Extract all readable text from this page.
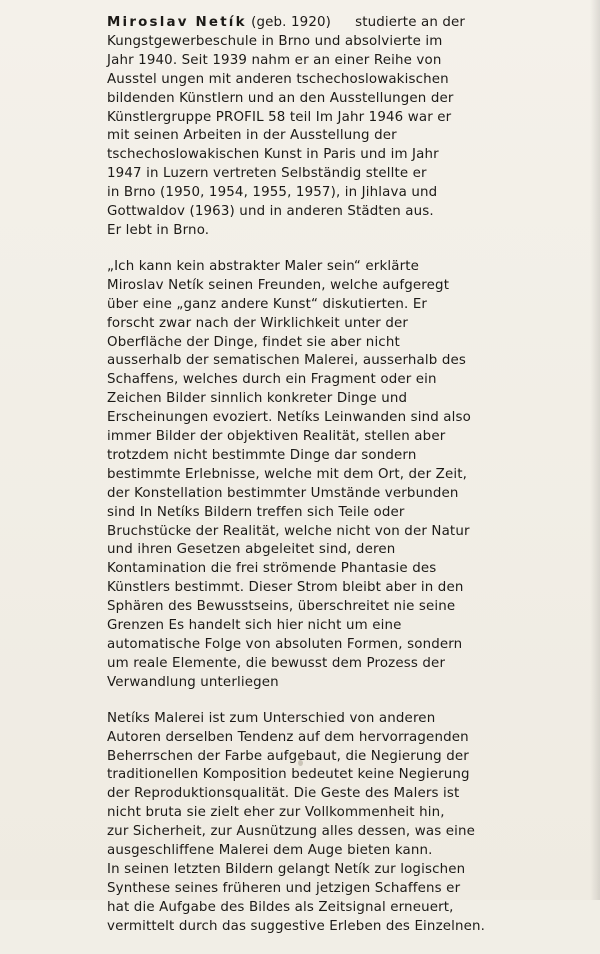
Miroslav Netík (geb. 1920) studierte an der
Kungstgewerbeschule in Brno und absolvierte im
Jahr 1940. Seit 1939 nahm er an einer Reihe von
Ausstel ungen mit anderen tschechoslowakischen
bildenden Künstlern und an den Ausstellungen der
Künstlergruppe PROFIL 58 teil Im Jahr 1946 war er
mit seinen Arbeiten in der Ausstellung der
tschechoslowakischen Kunst in Paris und im Jahr
1947 in Luzern vertreten Selbständig stellte er
in Brno (1950, 1954, 1955, 1957), in Jihlava und
Gottwaldov (1963) und in anderen Städten aus.
Er lebt in Brno.
„Ich kann kein abstrakter Maler sein“ erklärte
Miroslav Netík seinen Freunden, welche aufgeregt
über eine „ganz andere Kunst“ diskutierten. Er
forscht zwar nach der Wirklichkeit unter der
Oberfläche der Dinge, findet sie aber nicht
ausserhalb der sematischen Malerei, ausserhalb des
Schaffens, welches durch ein Fragment oder ein
Zeichen Bilder sinnlich konkreter Dinge und
Erscheinungen evoziert. Netíks Leinwanden sind also
immer Bilder der objektiven Realität, stellen aber
trotzdem nicht bestimmte Dinge dar sondern
bestimmte Erlebnisse, welche mit dem Ort, der Zeit,
der Konstellation bestimmter Umstände verbunden
sind In Netíks Bildern treffen sich Teile oder
Bruchstücke der Realität, welche nicht von der Natur
und ihren Gesetzen abgeleitet sind, deren
Kontamination die frei strömende Phantasie des
Künstlers bestimmt. Dieser Strom bleibt aber in den
Sphären des Bewusstseins, überschreitet nie seine
Grenzen Es handelt sich hier nicht um eine
automatische Folge von absoluten Formen, sondern
um reale Elemente, die bewusst dem Prozess der
Verwandlung unterliegen
Netíks Malerei ist zum Unterschied von anderen
Autoren derselben Tendenz auf dem hervorragenden
Beherrschen der Farbe aufgebaut, die Negierung der
traditionellen Komposition bedeutet keine Negierung
der Reproduktionsqualität. Die Geste des Malers ist
nicht bruta sie zielt eher zur Vollkommenheit hin,
zur Sicherheit, zur Ausnützung alles dessen, was eine
ausgeschliffene Malerei dem Auge bieten kann.
In seinen letzten Bildern gelangt Netík zur logischen
Synthese seines früheren und jetzigen Schaffens er
hat die Aufgabe des Bildes als Zeitsignal erneuert,
vermittelt durch das suggestive Erleben des Einzelnen.
